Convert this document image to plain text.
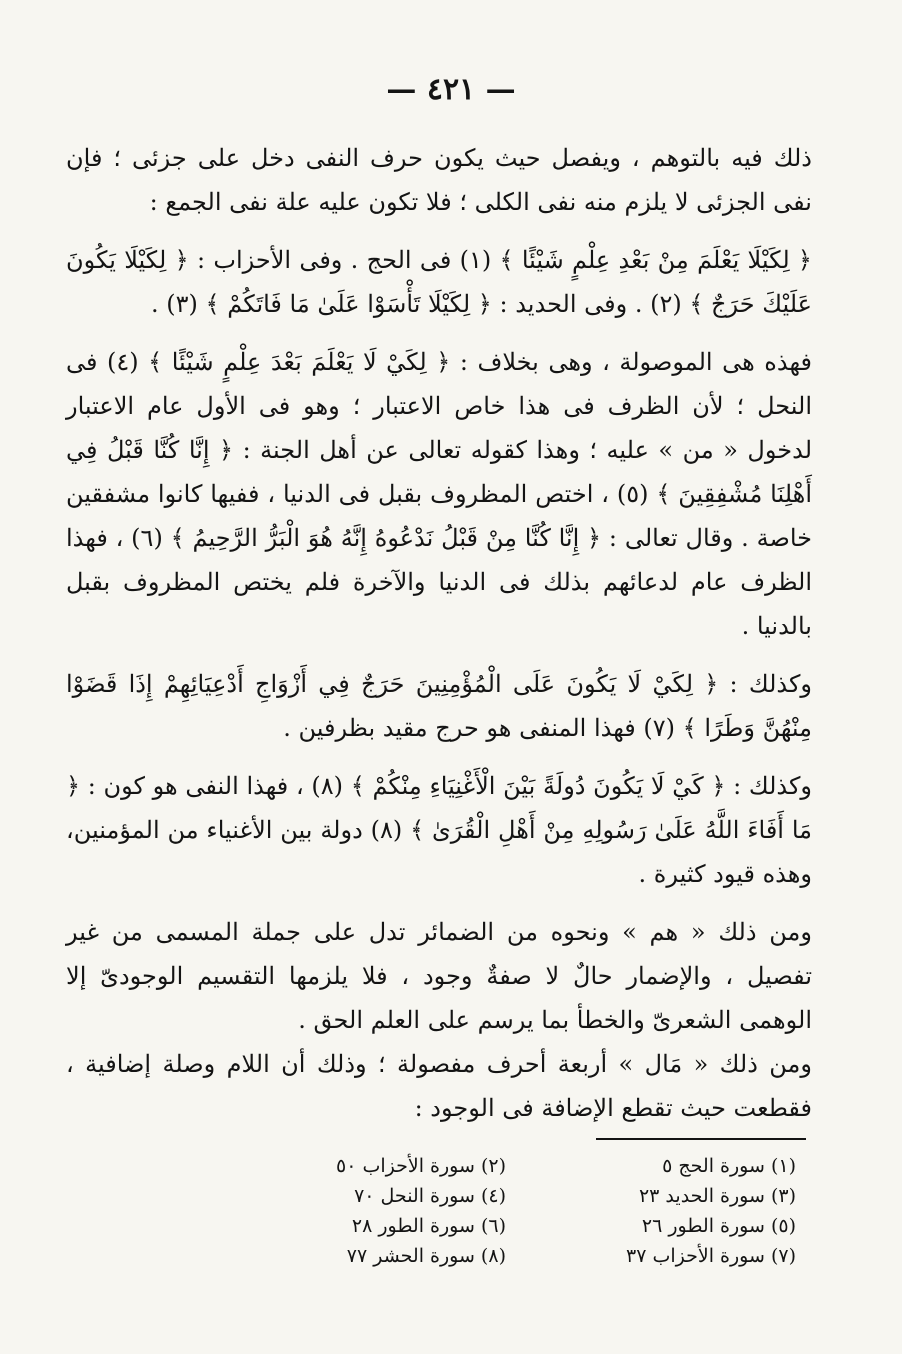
— ٤٢١ —

ذلك فيه بالتوهم ، ويفصل حيث يكون حرف النفى دخل على جزئى ؛ فإن نفى الجزئى لا يلزم منه نفى الكلى ؛ فلا تكون عليه علة نفى الجمع :

﴿ لِكَيْلَا يَعْلَمَ مِنْ بَعْدِ عِلْمٍ شَيْئًا ﴾ (١) فى الحج . وفى الأحزاب : ﴿ لِكَيْلَا يَكُونَ عَلَيْكَ حَرَجٌ ﴾ (٢) . وفى الحديد : ﴿ لِكَيْلَا تَأْسَوْا عَلَىٰ مَا فَاتَكُمْ ﴾ (٣) .

فهذه هى الموصولة ، وهى بخلاف : ﴿ لِكَيْ لَا يَعْلَمَ بَعْدَ عِلْمٍ شَيْئًا ﴾ (٤) فى النحل ؛ لأن الظرف فى هذا خاص الاعتبار ؛ وهو فى الأول عام الاعتبار لدخول « من » عليه ؛ وهذا كقوله تعالى عن أهل الجنة : ﴿ إِنَّا كُنَّا قَبْلُ فِي أَهْلِنَا مُشْفِقِينَ ﴾ (٥) ، اختص المظروف بقبل فى الدنيا ، ففيها كانوا مشفقين خاصة . وقال تعالى : ﴿ إِنَّا كُنَّا مِنْ قَبْلُ نَدْعُوهُ إِنَّهُ هُوَ الْبَرُّ الرَّحِيمُ ﴾ (٦) ، فهذا الظرف عام لدعائهم بذلك فى الدنيا والآخرة فلم يختص المظروف بقبل بالدنيا .

وكذلك : ﴿ لِكَيْ لَا يَكُونَ عَلَى الْمُؤْمِنِينَ حَرَجٌ فِي أَزْوَاجِ أَدْعِيَائِهِمْ إِذَا قَضَوْا مِنْهُنَّ وَطَرًا ﴾ (٧) فهذا المنفى هو حرج مقيد بظرفين .

وكذلك : ﴿ كَيْ لَا يَكُونَ دُولَةً بَيْنَ الْأَغْنِيَاءِ مِنْكُمْ ﴾ (٨) ، فهذا النفى هو كون : ﴿ مَا أَفَاءَ اللَّهُ عَلَىٰ رَسُولِهِ مِنْ أَهْلِ الْقُرَىٰ ﴾ (٨) دولة بين الأغنياء من المؤمنين، وهذه قيود كثيرة .

ومن ذلك « هم » ونحوه من الضمائر تدل على جملة المسمى من غير تفصيل ، والإضمار حالٌ لا صفةٌ وجود ، فلا يلزمها التقسيم الوجودىّ إلا الوهمى الشعرىّ والخطأ بما يرسم على العلم الحق .

ومن ذلك « مَال » أربعة أحرف مفصولة ؛ وذلك أن اللام وصلة إضافية ، فقطعت حيث تقطع الإضافة فى الوجود :

(١) سورة الحج ٥
(٢) سورة الأحزاب ٥٠
(٣) سورة الحديد ٢٣
(٤) سورة النحل ٧٠
(٥) سورة الطور ٢٦
(٦) سورة الطور ٢٨
(٧) سورة الأحزاب ٣٧
(٨) سورة الحشر ٧٧
